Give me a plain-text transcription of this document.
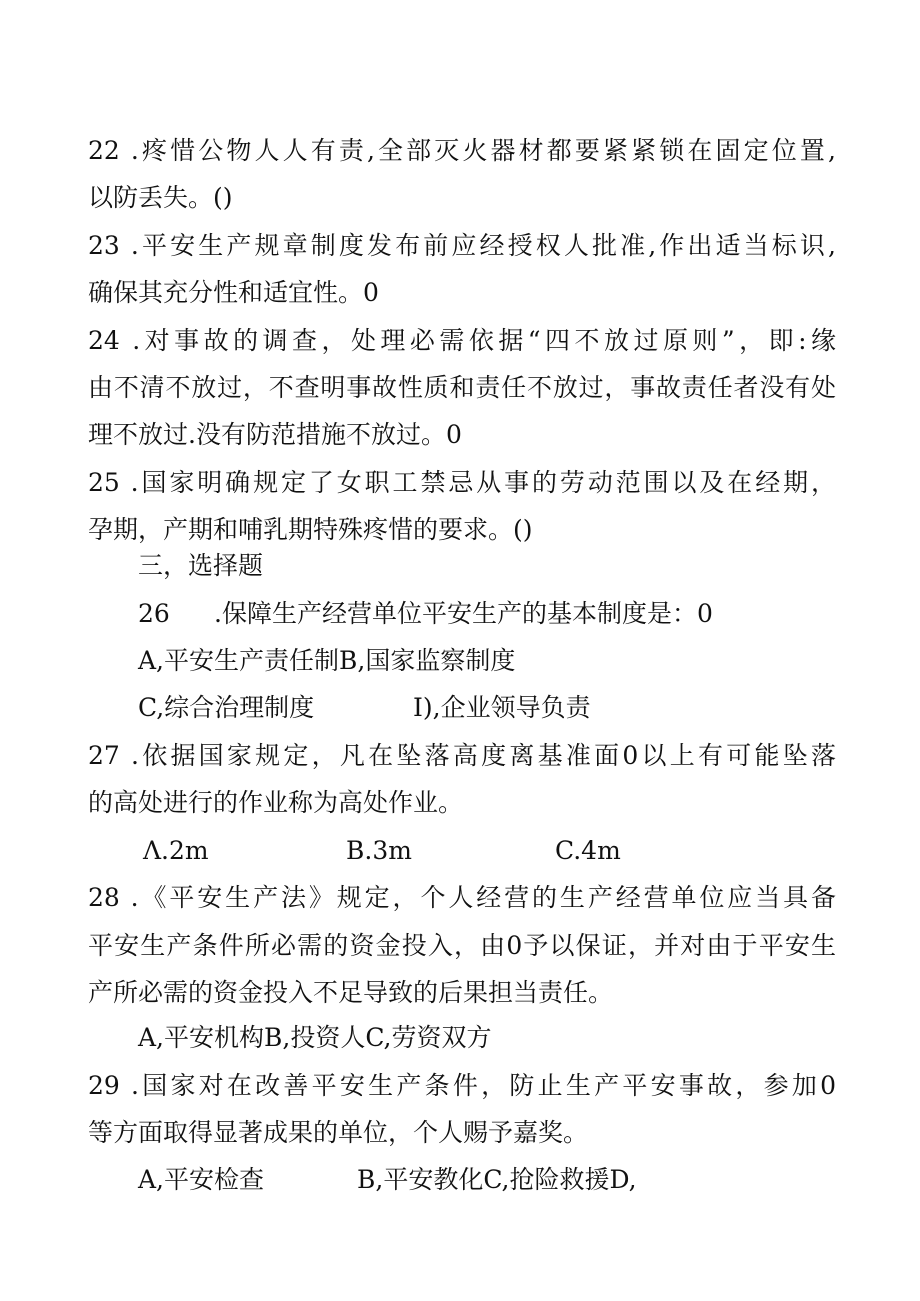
22 .疼惜公物人人有责,全部灭火器材都要紧紧锁在固定位置,
以防丢失。()
23 .平安生产规章制度发布前应经授权人批准,作出适当标识,
确保其充分性和适宜性。0
24 .对事故的调查，处理必需依据“四不放过原则”，即:缘
由不清不放过，不查明事故性质和责任不放过，事故责任者没有处
理不放过.没有防范措施不放过。0
25 .国家明确规定了女职工禁忌从事的劳动范围以及在经期，
孕期，产期和哺乳期特殊疼惜的要求。()
三，选择题
26 .保障生产经营单位平安生产的基本制度是：0
A,平安生产责任制B,国家监察制度
C,综合治理制度	I),企业领导负责
27 .依据国家规定，凡在坠落高度离基准面0以上有可能坠落
的高处进行的作业称为高处作业。
Λ.2m	B.3m	C.4m
28 .《平安生产法》规定，个人经营的生产经营单位应当具备
平安生产条件所必需的资金投入，由0予以保证，并对由于平安生
产所必需的资金投入不足导致的后果担当责任。
A,平安机构B,投资人C,劳资双方
29 .国家对在改善平安生产条件，防止生产平安事故，参加0
等方面取得显著成果的单位，个人赐予嘉奖。
A,平安检查	B,平安教化C,抢险救援D,
